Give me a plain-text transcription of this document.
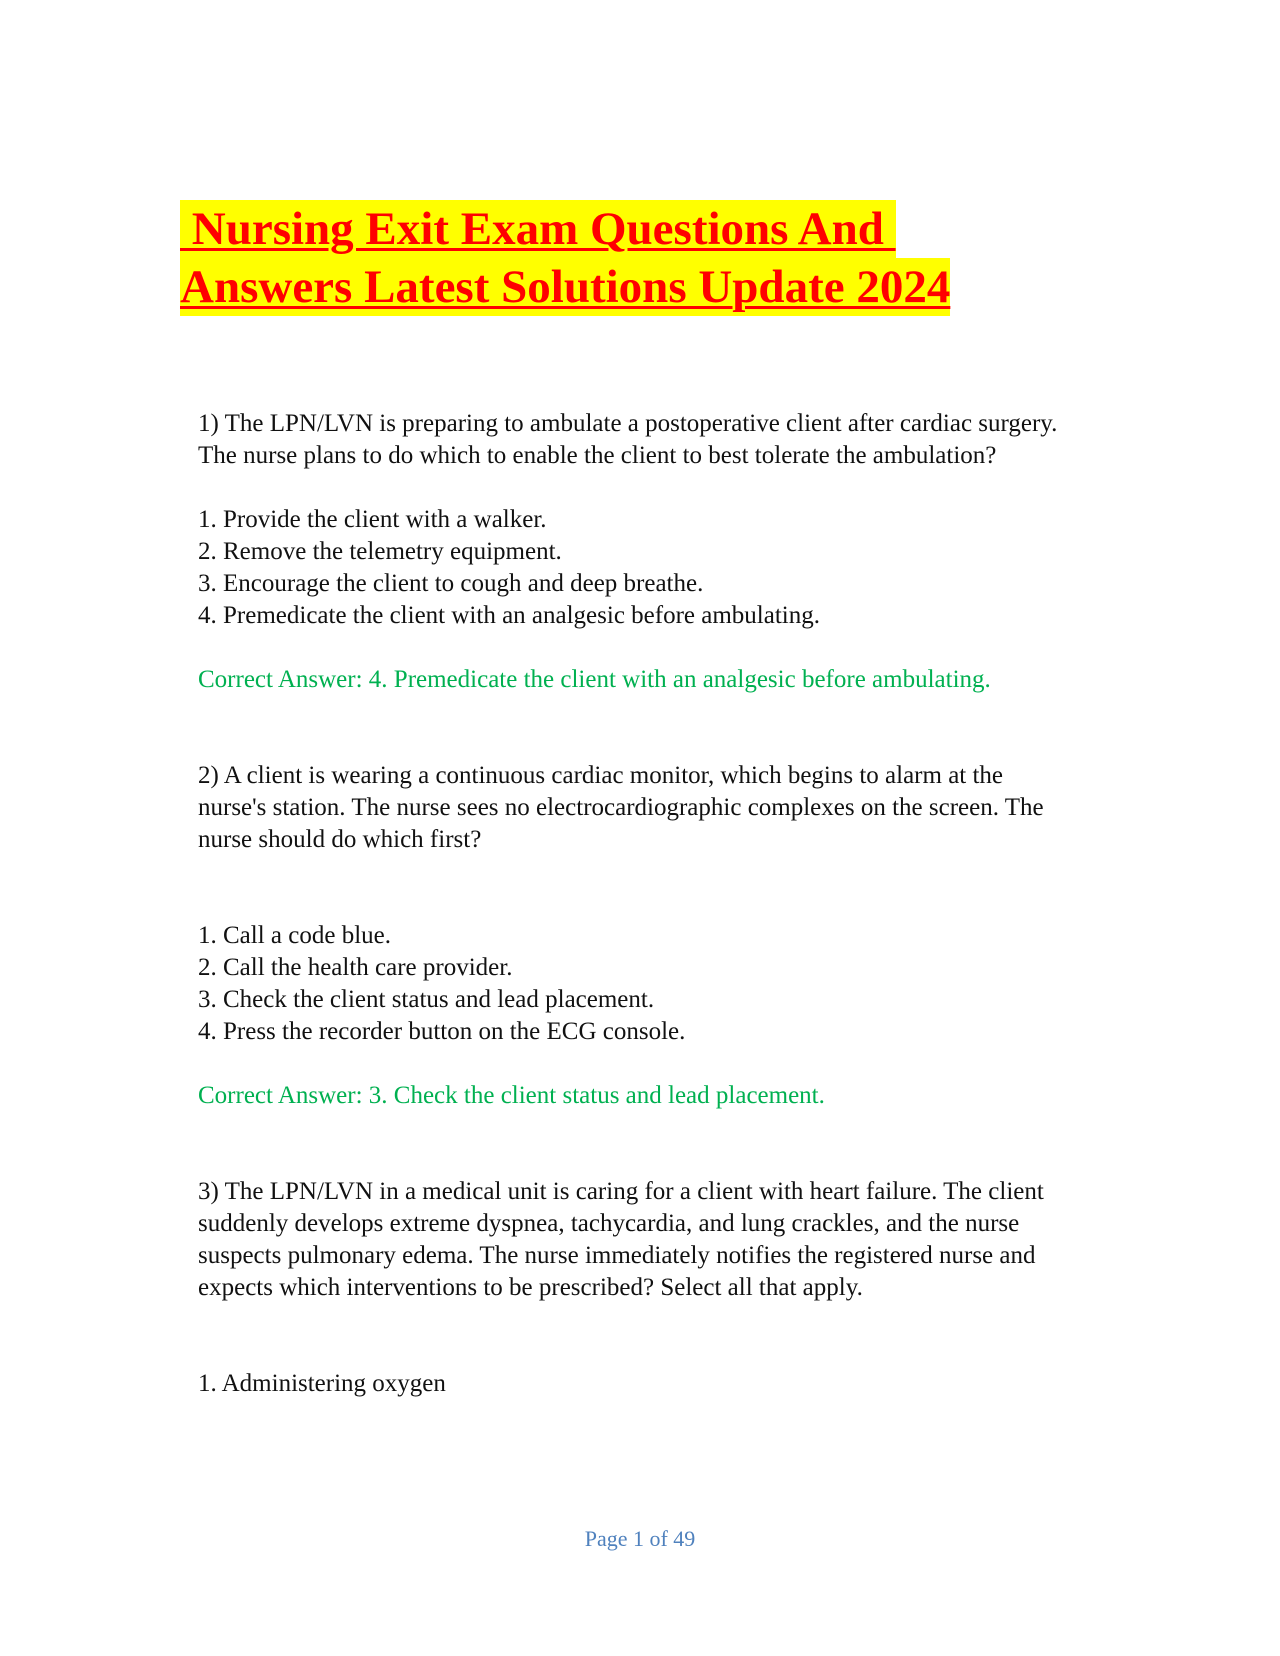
Nursing Exit Exam Questions And
Answers Latest Solutions Update 2024

1) The LPN/LVN is preparing to ambulate a postoperative client after cardiac surgery. The nurse plans to do which to enable the client to best tolerate the ambulation?

1. Provide the client with a walker.
2. Remove the telemetry equipment.
3. Encourage the client to cough and deep breathe.
4. Premedicate the client with an analgesic before ambulating.

Correct Answer: 4. Premedicate the client with an analgesic before ambulating.

2) A client is wearing a continuous cardiac monitor, which begins to alarm at the nurse's station. The nurse sees no electrocardiographic complexes on the screen. The nurse should do which first?

1. Call a code blue.
2. Call the health care provider.
3. Check the client status and lead placement.
4. Press the recorder button on the ECG console.

Correct Answer: 3. Check the client status and lead placement.

3) The LPN/LVN in a medical unit is caring for a client with heart failure. The client suddenly develops extreme dyspnea, tachycardia, and lung crackles, and the nurse suspects pulmonary edema. The nurse immediately notifies the registered nurse and expects which interventions to be prescribed? Select all that apply.

1. Administering oxygen
Page 1 of 49
